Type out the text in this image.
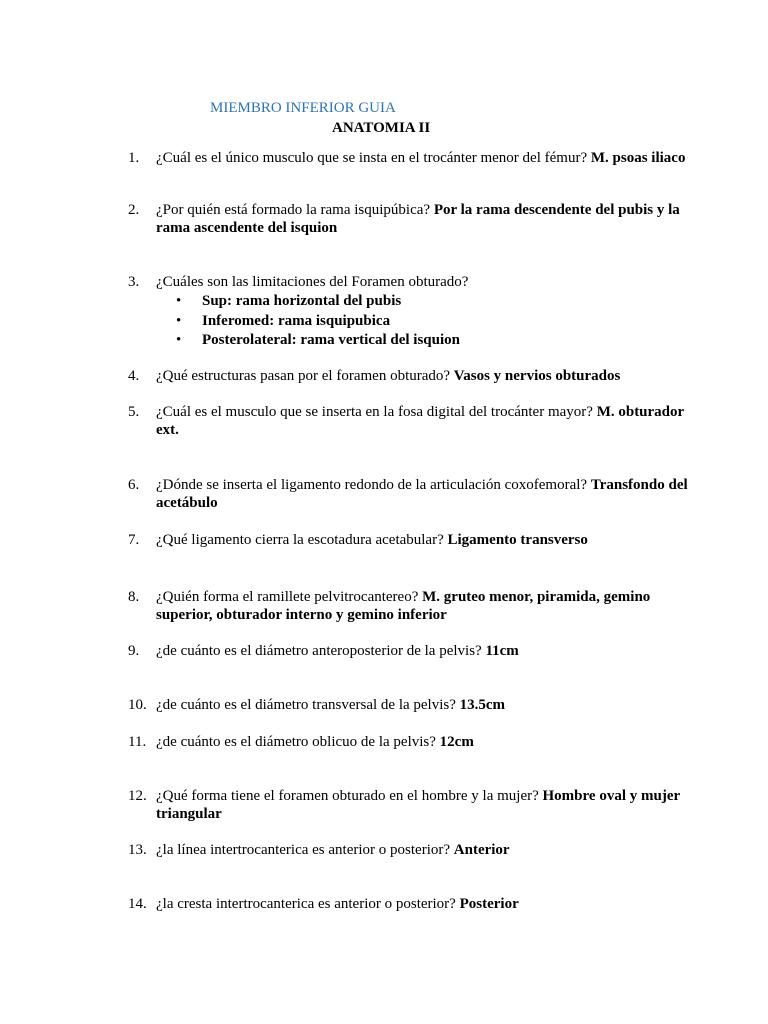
MIEMBRO INFERIOR GUIA
ANATOMIA II
1. ¿Cuál es el único musculo que se insta en el trocánter menor del fémur? M. psoas iliaco
2. ¿Por quién está formado la rama isquipúbica? Por la rama descendente del pubis y la rama ascendente del isquion
3. ¿Cuáles son las limitaciones del Foramen obturado?
• Sup: rama horizontal del pubis
• Inferomed: rama isquipubica
• Posterolateral: rama vertical del isquion
4. ¿Qué estructuras pasan por el foramen obturado? Vasos y nervios obturados
5. ¿Cuál es el musculo que se inserta en la fosa digital del trocánter mayor? M. obturador ext.
6. ¿Dónde se inserta el ligamento redondo de la articulación coxofemoral? Transfondo del acetábulo
7. ¿Qué ligamento cierra la escotadura acetabular? Ligamento transverso
8. ¿Quién forma el ramillete pelvitrocantereo? M. gruteo menor, piramida, gemino superior, obturador interno y gemino inferior
9. ¿de cuánto es el diámetro anteroposterior de la pelvis? 11cm
10. ¿de cuánto es el diámetro transversal de la pelvis? 13.5cm
11. ¿de cuánto es el diámetro oblicuo de la pelvis? 12cm
12. ¿Qué forma tiene el foramen obturado en el hombre y la mujer? Hombre oval y mujer triangular
13. ¿la línea intertrocanterica es anterior o posterior? Anterior
14. ¿la cresta intertrocanterica es anterior o posterior? Posterior
